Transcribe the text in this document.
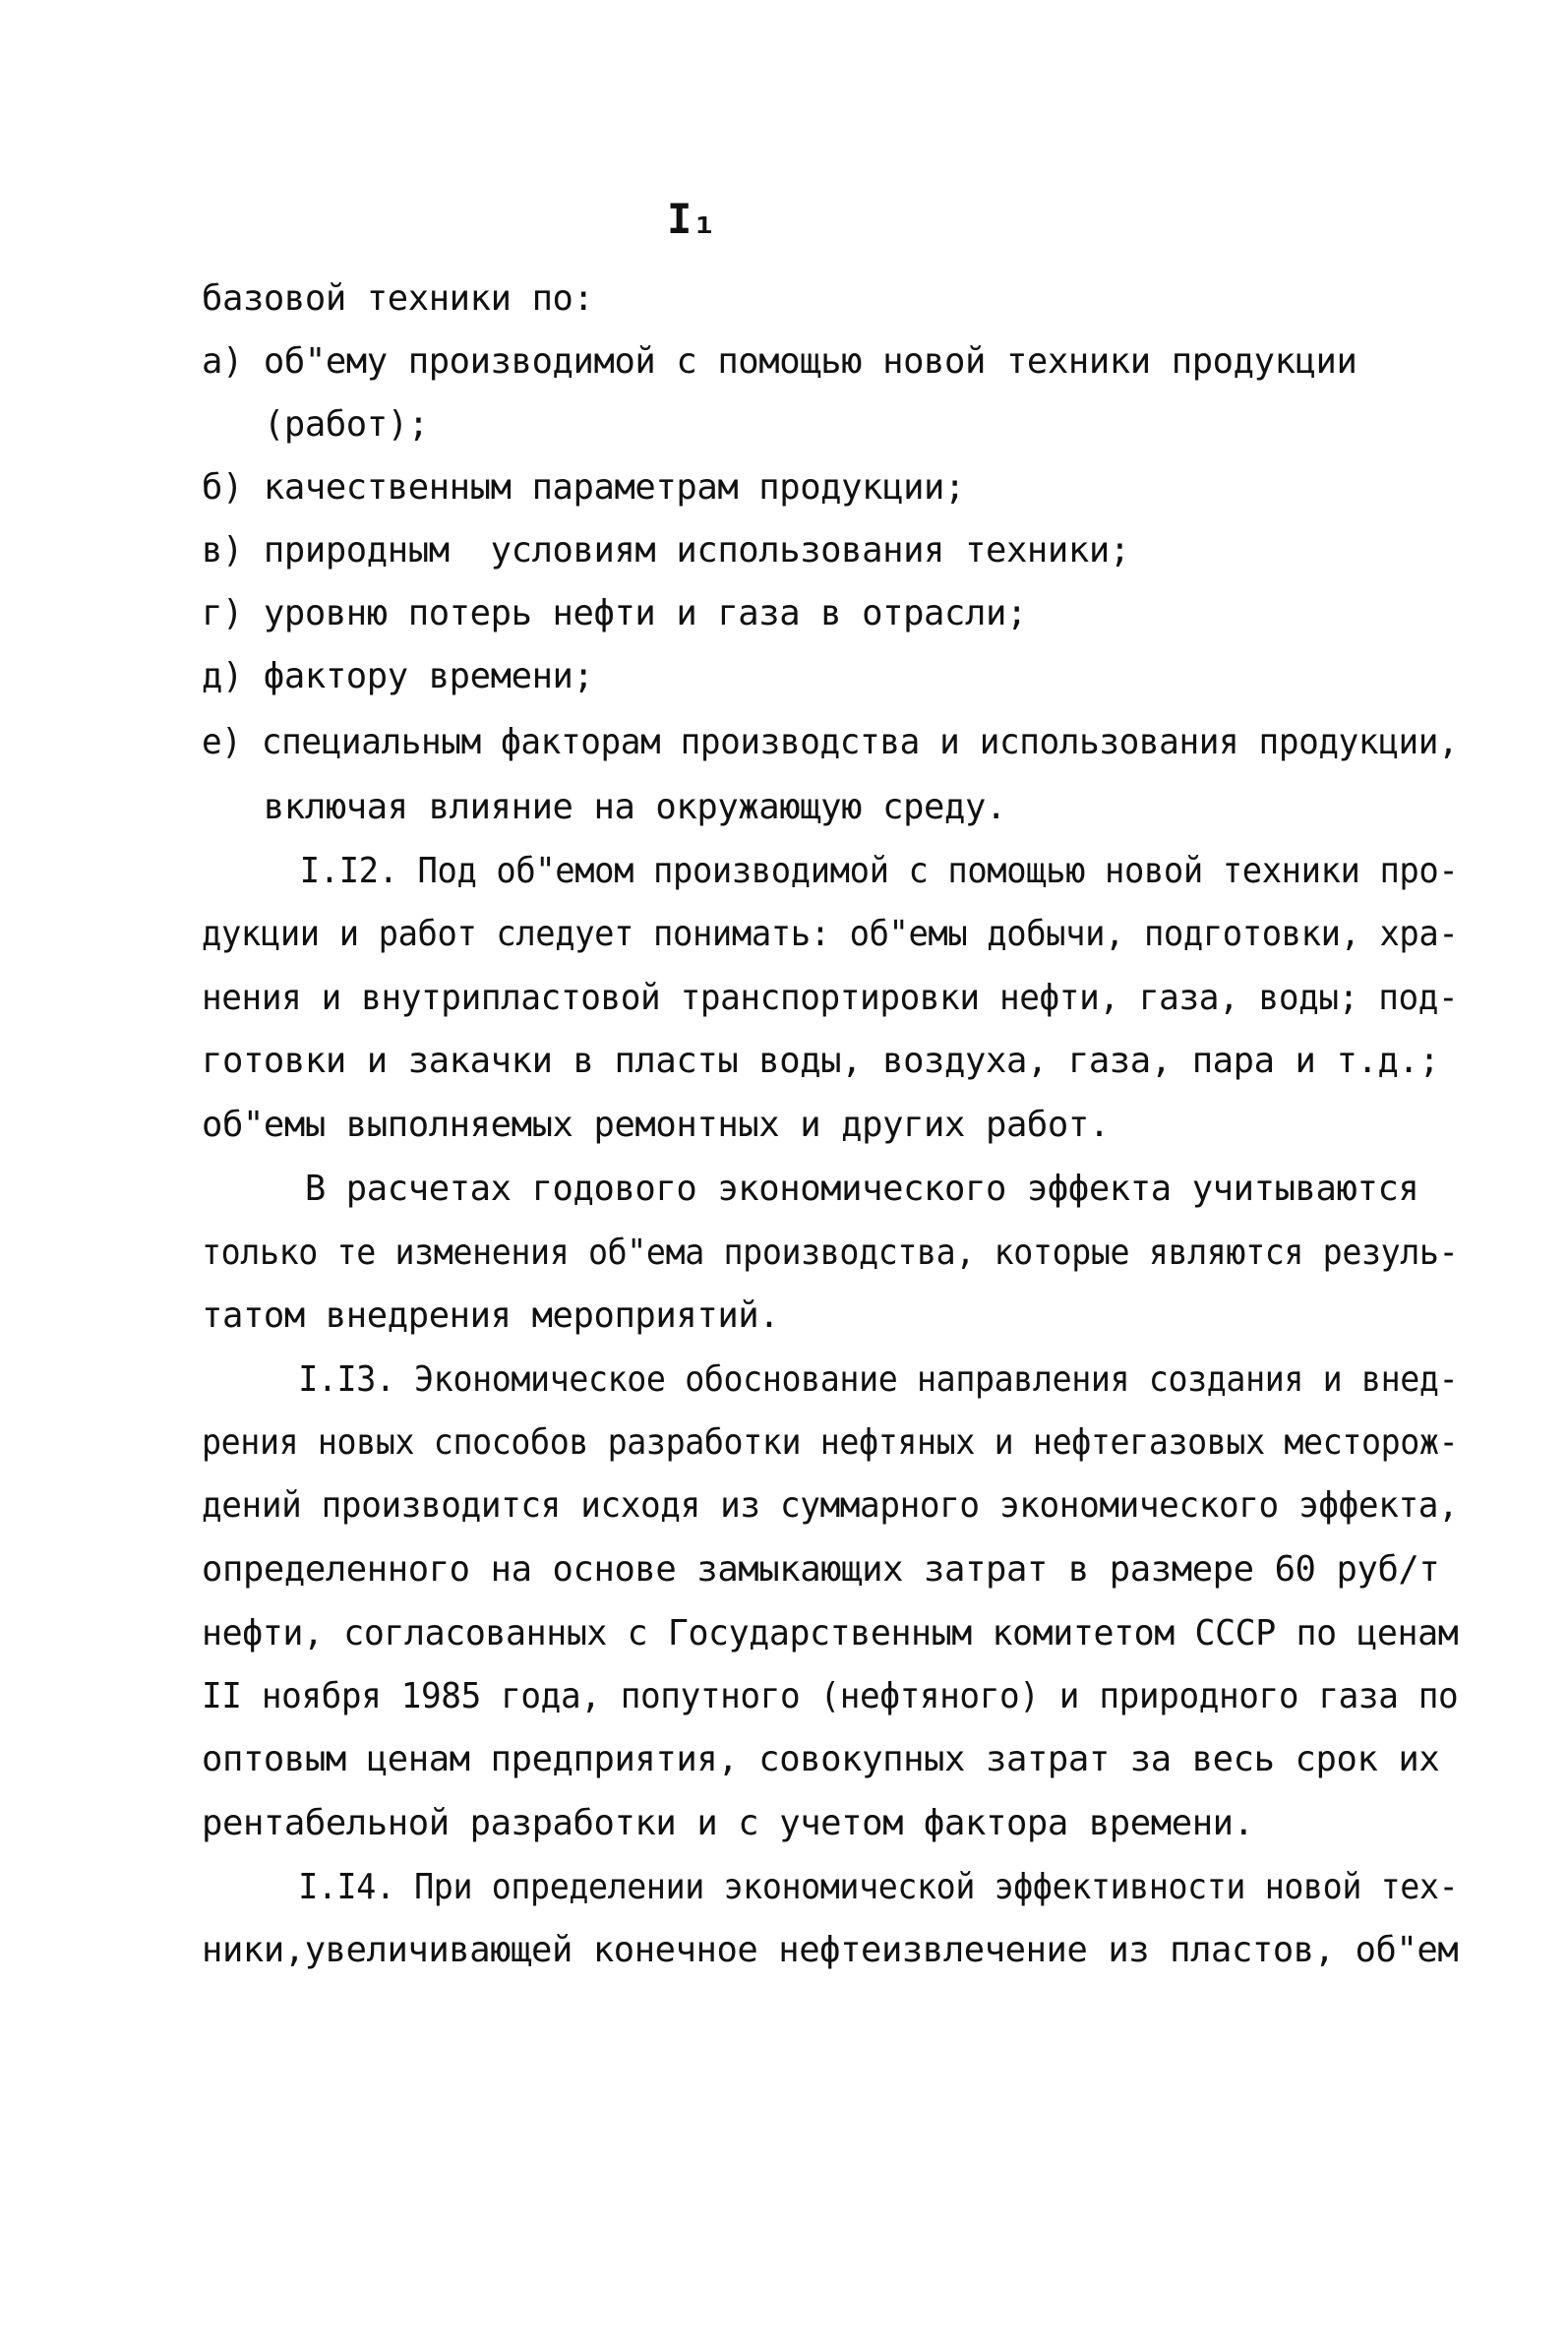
I₁
базовой техники по:
а) об"ему производимой с помощью новой техники продукции
(работ);
б) качественным параметрам продукции;
в) природным  условиям использования техники;
г) уровню потерь нефти и газа в отрасли;
д) фактору времени;
е) специальным факторам производства и использования продукции,
включая влияние на окружающую среду.
I.I2. Под об"емом производимой с помощью новой техники про-
дукции и работ следует понимать: об"емы добычи, подготовки, хра-
нения и внутрипластовой транспортировки нефти, газа, воды; под-
готовки и закачки в пласты воды, воздуха, газа, пара и т.д.;
об"емы выполняемых ремонтных и других работ.
В расчетах годового экономического эффекта учитываются
только те изменения об"ема производства, которые являются резуль-
татом внедрения мероприятий.
I.I3. Экономическое обоснование направления создания и внед-
рения новых способов разработки нефтяных и нефтегазовых месторож-
дений производится исходя из суммарного экономического эффекта,
определенного на основе замыкающих затрат в размере 60 руб/т
нефти, согласованных с Государственным комитетом СССР по ценам
II ноября 1985 года, попутного (нефтяного) и природного газа по
оптовым ценам предприятия, совокупных затрат за весь срок их
рентабельной разработки и с учетом фактора времени.
I.I4. При определении экономической эффективности новой тех-
ники,увеличивающей конечное нефтеизвлечение из пластов, об"ем
